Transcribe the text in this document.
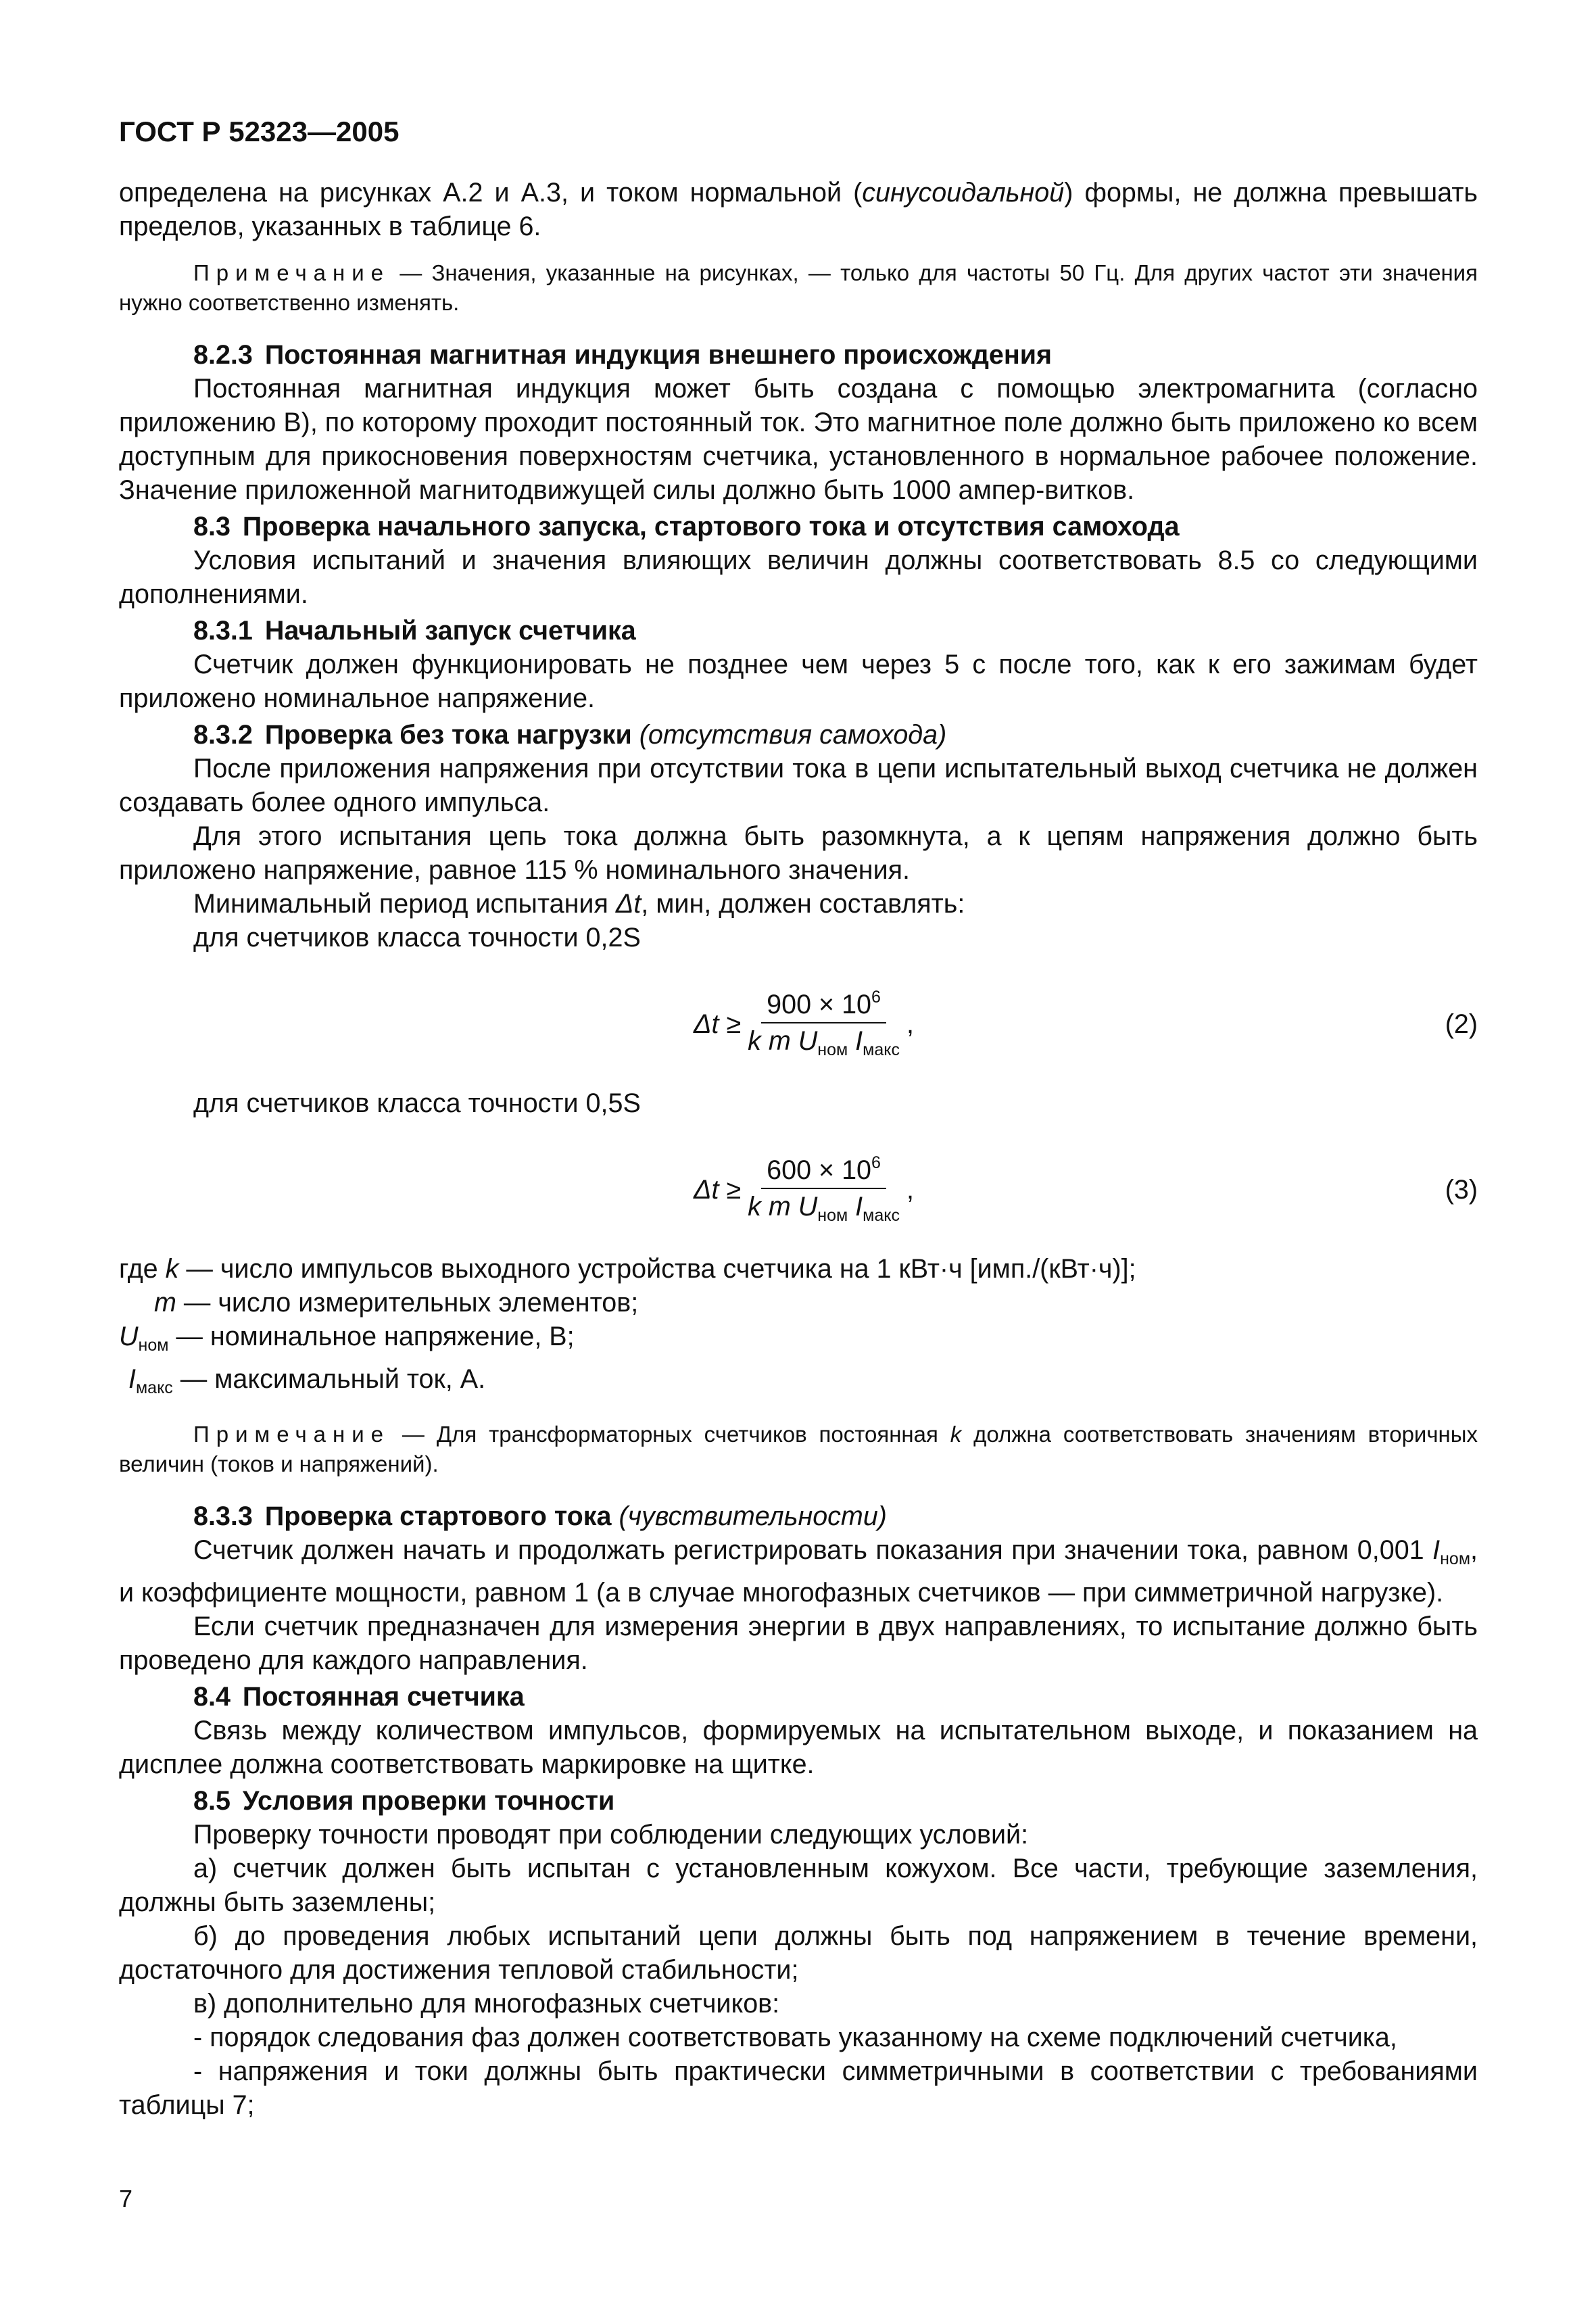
ГОСТ Р 52323—2005

определена на рисунках А.2 и А.3, и током нормальной (синусоидальной) формы, не должна превышать пределов, указанных в таблице 6.

Примечание — Значения, указанные на рисунках, — только для частоты 50 Гц. Для других частот эти значения нужно соответственно изменять.

8.2.3 Постоянная магнитная индукция внешнего происхождения

Постоянная магнитная индукция может быть создана с помощью электромагнита (согласно приложению В), по которому проходит постоянный ток. Это магнитное поле должно быть приложено ко всем доступным для прикосновения поверхностям счетчика, установленного в нормальное рабочее положение. Значение приложенной магнитодвижущей силы должно быть 1000 ампер-витков.

8.3 Проверка начального запуска, стартового тока и отсутствия самохода

Условия испытаний и значения влияющих величин должны соответствовать 8.5 со следующими дополнениями.

8.3.1 Начальный запуск счетчика

Счетчик должен функционировать не позднее чем через 5 с после того, как к его зажимам будет приложено номинальное напряжение.

8.3.2 Проверка без тока нагрузки (отсутствия самохода)

После приложения напряжения при отсутствии тока в цепи испытательный выход счетчика не должен создавать более одного импульса.

Для этого испытания цепь тока должна быть разомкнута, а к цепям напряжения должно быть приложено напряжение, равное 115 % номинального значения.

Минимальный период испытания Δt, мин, должен составлять:

для счетчиков класса точности 0,2S

$\Delta t \ge \frac{900 \times 10^6}{k m U_{ном} I_{макс}}$ ,	(2)

для счетчиков класса точности 0,5S

$\Delta t \ge \frac{600 \times 10^6}{k m U_{ном} I_{макс}}$ ,	(3)

где k — число импульсов выходного устройства счетчика на 1 кВт·ч [имп./(кВт·ч)];

m — число измерительных элементов;

$U_{ном}$ — номинальное напряжение, В;

$I_{макс}$ — максимальный ток, А.

Примечание — Для трансформаторных счетчиков постоянная k должна соответствовать значениям вторичных величин (токов и напряжений).

8.3.3 Проверка стартового тока (чувствительности)

Счетчик должен начать и продолжать регистрировать показания при значении тока, равном 0,001 $I_{ном}$, и коэффициенте мощности, равном 1 (а в случае многофазных счетчиков — при симметричной нагрузке).

Если счетчик предназначен для измерения энергии в двух направлениях, то испытание должно быть проведено для каждого направления.

8.4 Постоянная счетчика

Связь между количеством импульсов, формируемых на испытательном выходе, и показанием на дисплее должна соответствовать маркировке на щитке.

8.5 Условия проверки точности

Проверку точности проводят при соблюдении следующих условий:

а) счетчик должен быть испытан с установленным кожухом. Все части, требующие заземления, должны быть заземлены;

б) до проведения любых испытаний цепи должны быть под напряжением в течение времени, достаточного для достижения тепловой стабильности;

в) дополнительно для многофазных счетчиков:

- порядок следования фаз должен соответствовать указанному на схеме подключений счетчика,

- напряжения и токи должны быть практически симметричными в соответствии с требованиями таблицы 7;

7
